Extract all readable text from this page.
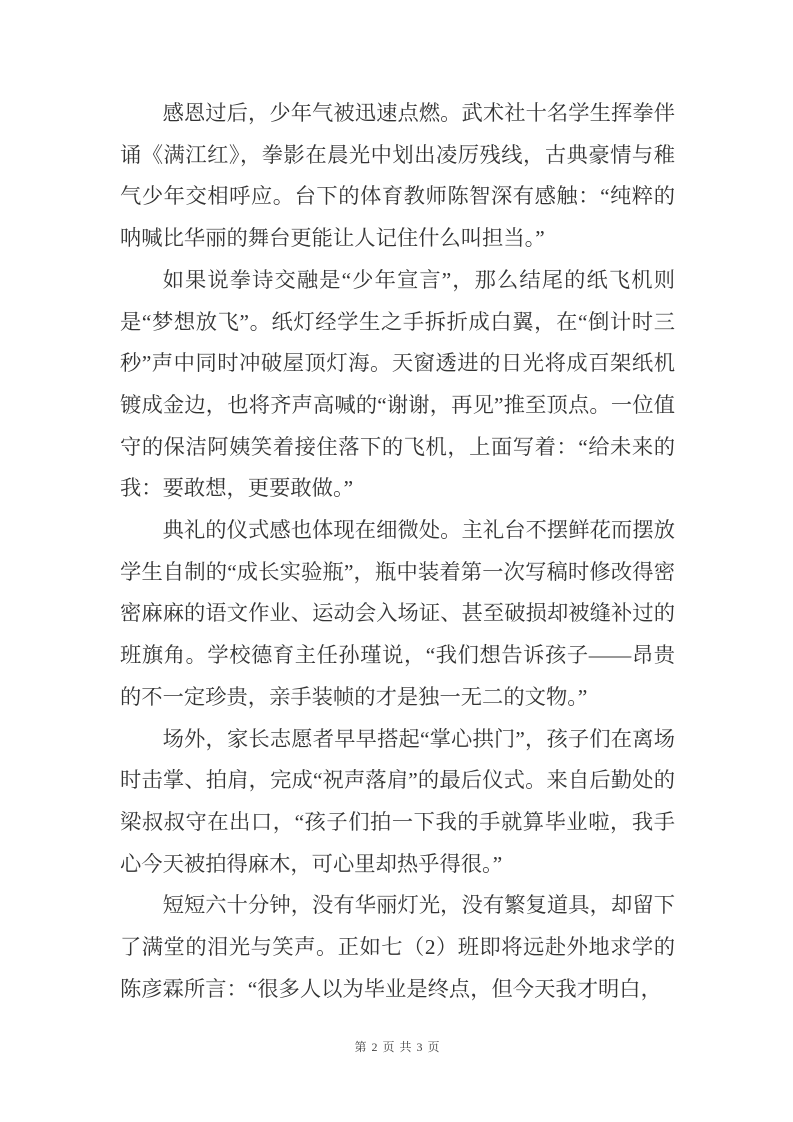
感恩过后，少年气被迅速点燃。武术社十名学生挥拳伴诵《满江红》，拳影在晨光中划出凌厉残线，古典豪情与稚气少年交相呼应。台下的体育教师陈智深有感触：“纯粹的呐喊比华丽的舞台更能让人记住什么叫担当。”

如果说拳诗交融是“少年宣言”，那么结尾的纸飞机则是“梦想放飞”。纸灯经学生之手拆折成白翼，在“倒计时三秒”声中同时冲破屋顶灯海。天窗透进的日光将成百架纸机镀成金边，也将齐声高喊的“谢谢，再见”推至顶点。一位值守的保洁阿姨笑着接住落下的飞机，上面写着：“给未来的我：要敢想，更要敢做。”

典礼的仪式感也体现在细微处。主礼台不摆鲜花而摆放学生自制的“成长实验瓶”，瓶中装着第一次写稿时修改得密密麻麻的语文作业、运动会入场证、甚至破损却被缝补过的班旗角。学校德育主任孙瑾说，“我们想告诉孩子——昂贵的不一定珍贵，亲手装帧的才是独一无二的文物。”

场外，家长志愿者早早搭起“掌心拱门”，孩子们在离场时击掌、拍肩，完成“祝声落肩”的最后仪式。来自后勤处的梁叔叔守在出口，“孩子们拍一下我的手就算毕业啦，我手心今天被拍得麻木，可心里却热乎得很。”

短短六十分钟，没有华丽灯光，没有繁复道具，却留下了满堂的泪光与笑声。正如七（2）班即将远赴外地求学的陈彦霖所言：“很多人以为毕业是终点，但今天我才明白，

第 2 页 共 3 页
